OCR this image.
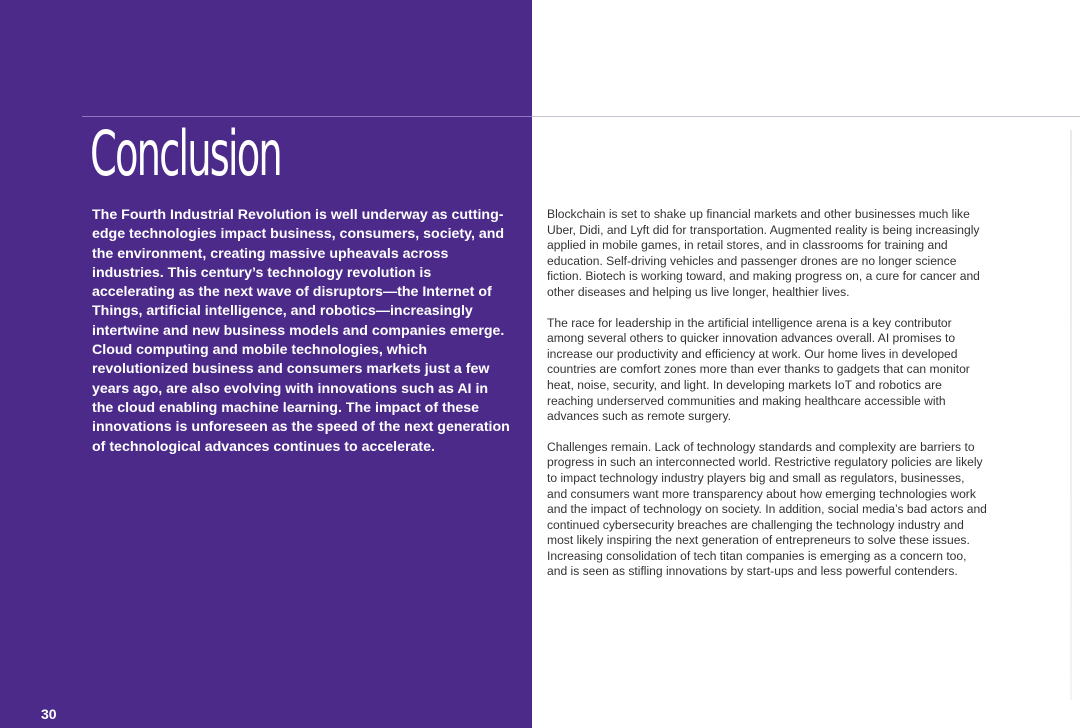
Conclusion

The Fourth Industrial Revolution is well underway as cutting-edge technologies impact business, consumers, society, and the environment, creating massive upheavals across industries. This century’s technology revolution is accelerating as the next wave of disruptors—the Internet of Things, artificial intelligence, and robotics—increasingly intertwine and new business models and companies emerge. Cloud computing and mobile technologies, which revolutionized business and consumers markets just a few years ago, are also evolving with innovations such as AI in the cloud enabling machine learning. The impact of these innovations is unforeseen as the speed of the next generation of technological advances continues to accelerate.

30

Blockchain is set to shake up financial markets and other businesses much like Uber, Didi, and Lyft did for transportation. Augmented reality is being increasingly applied in mobile games, in retail stores, and in classrooms for training and education. Self-driving vehicles and passenger drones are no longer science fiction. Biotech is working toward, and making progress on, a cure for cancer and other diseases and helping us live longer, healthier lives.

The race for leadership in the artificial intelligence arena is a key contributor among several others to quicker innovation advances overall. AI promises to increase our productivity and efficiency at work. Our home lives in developed countries are comfort zones more than ever thanks to gadgets that can monitor heat, noise, security, and light. In developing markets IoT and robotics are reaching underserved communities and making healthcare accessible with advances such as remote surgery.

Challenges remain. Lack of technology standards and complexity are barriers to progress in such an interconnected world. Restrictive regulatory policies are likely to impact technology industry players big and small as regulators, businesses, and consumers want more transparency about how emerging technologies work and the impact of technology on society. In addition, social media’s bad actors and continued cybersecurity breaches are challenging the technology industry and most likely inspiring the next generation of entrepreneurs to solve these issues. Increasing consolidation of tech titan companies is emerging as a concern too, and is seen as stifling innovations by start-ups and less powerful contenders.
